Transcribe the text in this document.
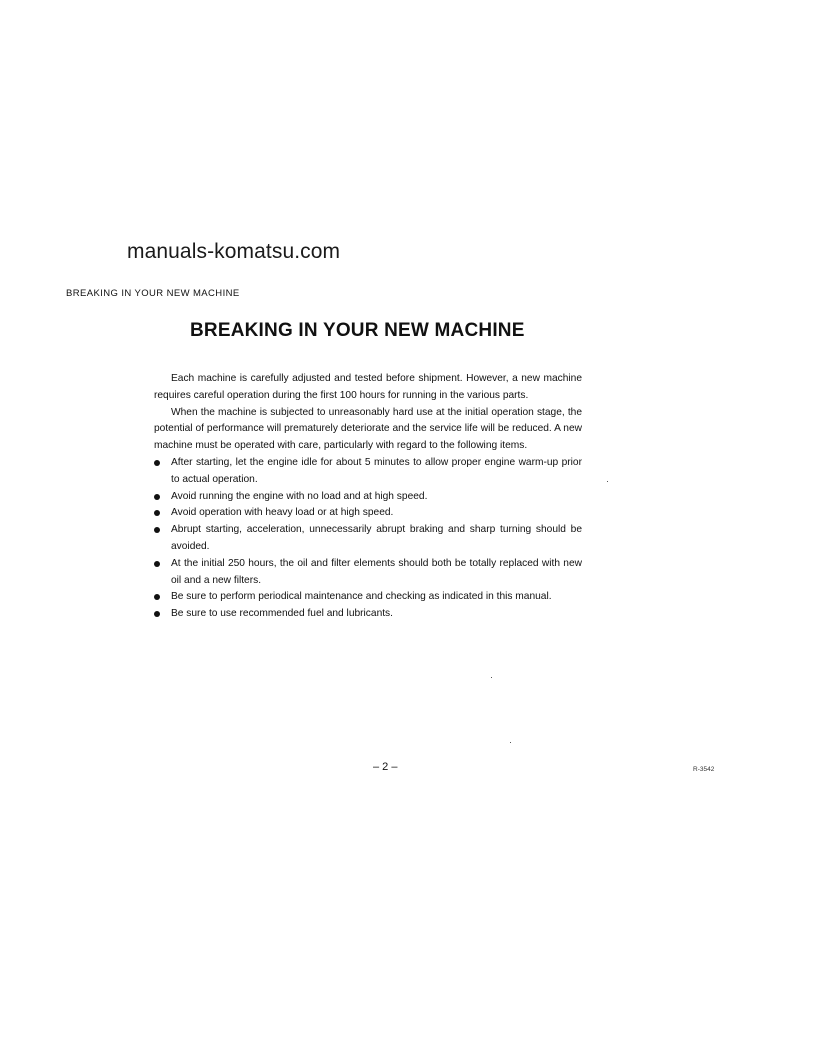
manuals-komatsu.com
BREAKING IN YOUR NEW MACHINE
BREAKING IN YOUR NEW MACHINE

Each machine is carefully adjusted and tested before shipment. However, a new machine requires careful operation during the first 100 hours for running in the various parts.

When the machine is subjected to unreasonably hard use at the initial operation stage, the potential of performance will prematurely deteriorate and the service life will be reduced. A new machine must be operated with care, particularly with regard to the following items.

After starting, let the engine idle for about 5 minutes to allow proper engine warm-up prior to actual operation.
Avoid running the engine with no load and at high speed.
Avoid operation with heavy load or at high speed.
Abrupt starting, acceleration, unnecessarily abrupt braking and sharp turning should be avoided.
At the initial 250 hours, the oil and filter elements should both be totally replaced with new oil and a new filters.
Be sure to perform periodical maintenance and checking as indicated in this manual.
Be sure to use recommended fuel and lubricants.
– 2 –	R-3542
